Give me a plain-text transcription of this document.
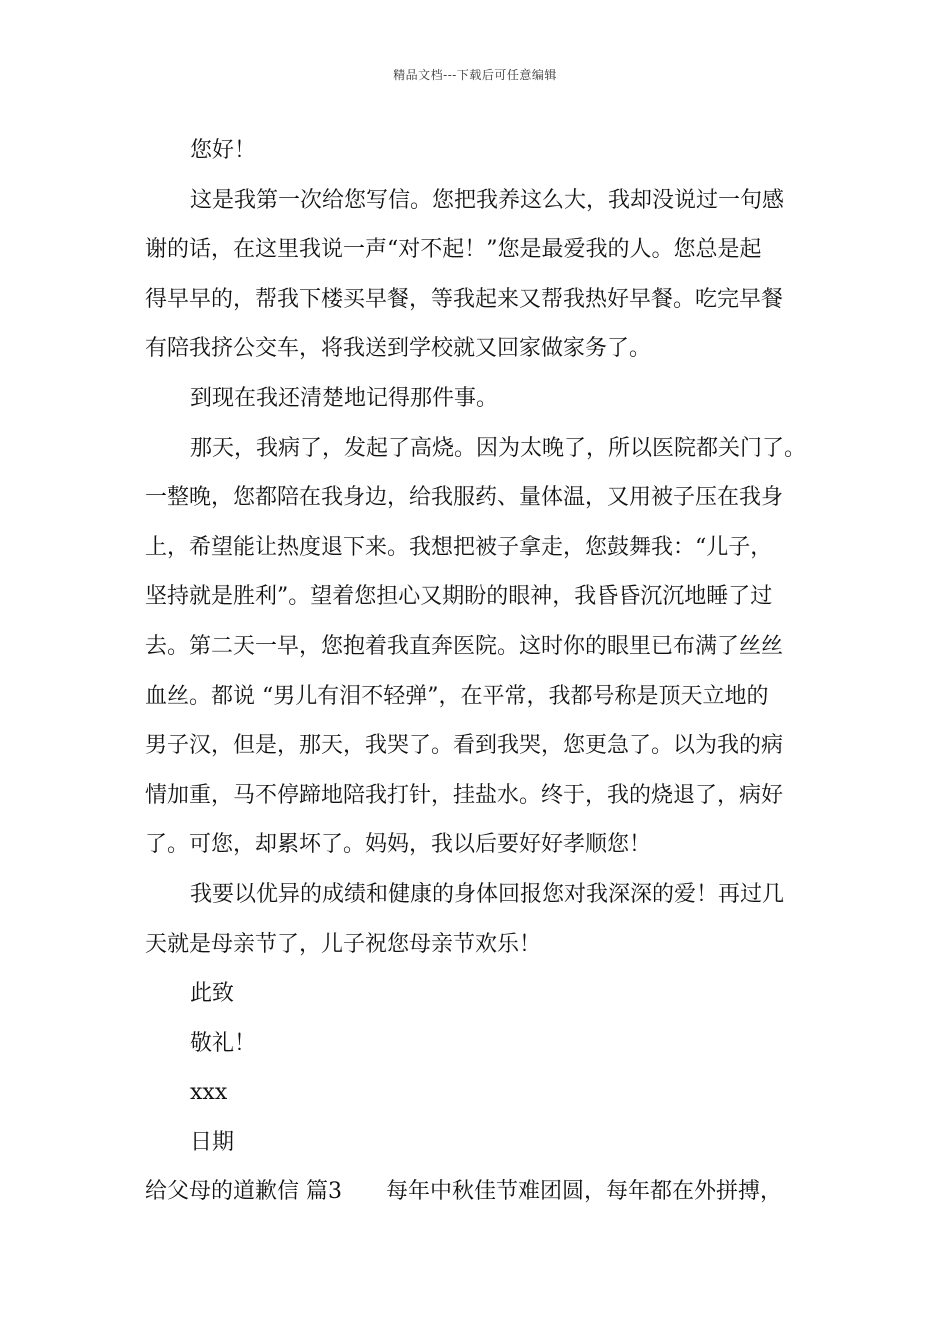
精品文档---下载后可任意编辑
您好！
这是我第一次给您写信。您把我养这么大，我却没说过一句感
谢的话，在这里我说一声“对不起！”您是最爱我的人。您总是起
得早早的，帮我下楼买早餐，等我起来又帮我热好早餐。吃完早餐
有陪我挤公交车，将我送到学校就又回家做家务了。
到现在我还清楚地记得那件事。
那天，我病了，发起了高烧。因为太晚了，所以医院都关门了。
一整晚，您都陪在我身边，给我服药、量体温，又用被子压在我身
上，希望能让热度退下来。我想把被子拿走，您鼓舞我：“儿子，
坚持就是胜利”。望着您担心又期盼的眼神，我昏昏沉沉地睡了过
去。第二天一早，您抱着我直奔医院。这时你的眼里已布满了丝丝
血丝。都说 “男儿有泪不轻弹”，在平常，我都号称是顶天立地的
男子汉，但是，那天，我哭了。看到我哭，您更急了。以为我的病
情加重，马不停蹄地陪我打针，挂盐水。终于，我的烧退了，病好
了。可您，却累坏了。妈妈，我以后要好好孝顺您！
我要以优异的成绩和健康的身体回报您对我深深的爱！再过几
天就是母亲节了，儿子祝您母亲节欢乐！
此致
敬礼！
xxx
日期
给父母的道歉信 篇3 每年中秋佳节难团圆，每年都在外拼搏，
